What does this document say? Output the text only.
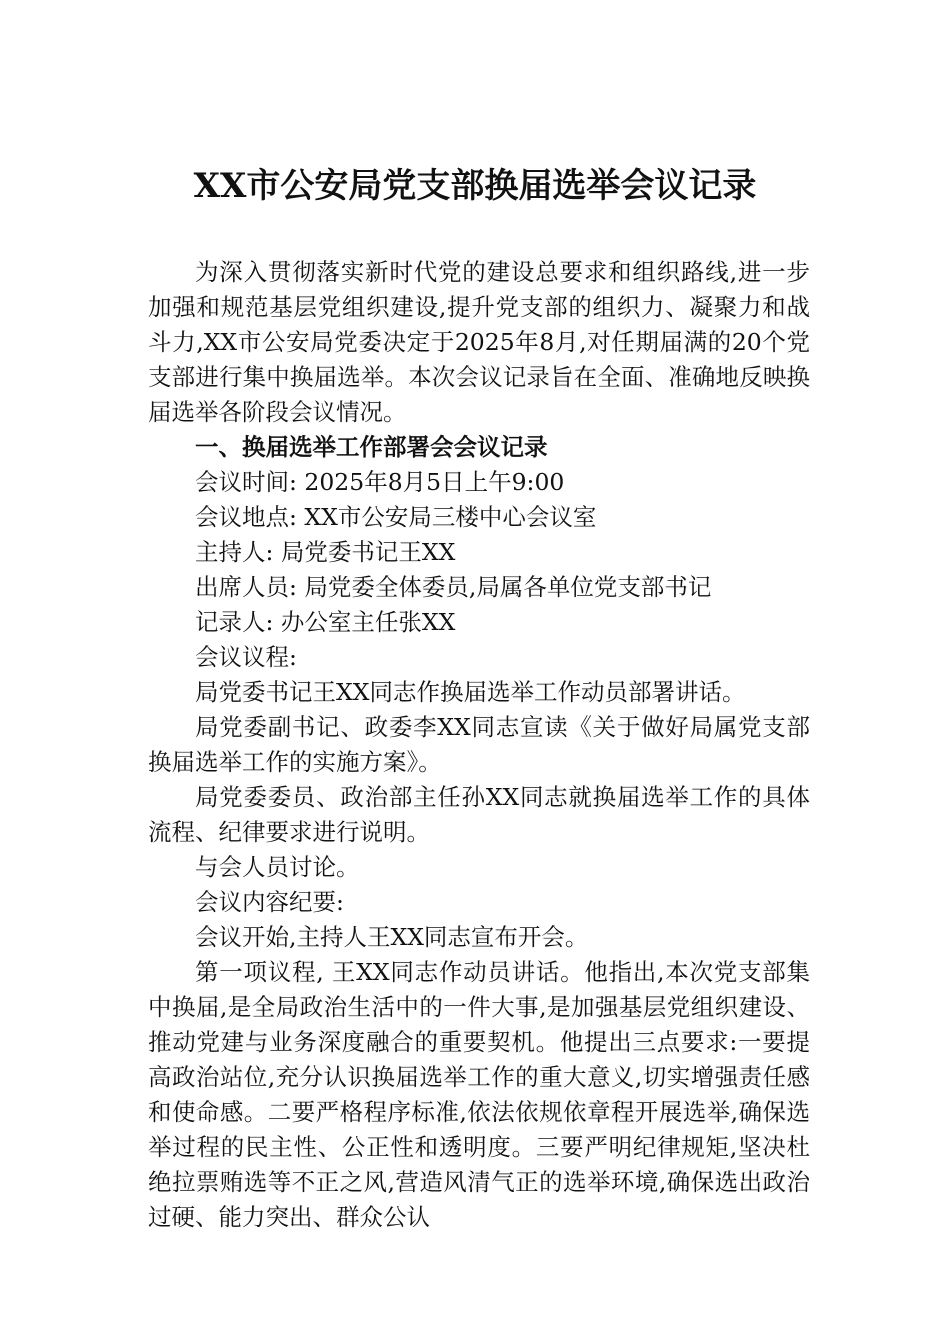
XX市公安局党支部换届选举会议记录

为深入贯彻落实新时代党的建设总要求和组织路线,进一步加强和规范基层党组织建设,提升党支部的组织力、凝聚力和战斗力,XX市公安局党委决定于2025年8月,对任期届满的20个党支部进行集中换届选举。本次会议记录旨在全面、准确地反映换届选举各阶段会议情况。

一、换届选举工作部署会会议记录

会议时间: 2025年8月5日上午9:00

会议地点: XX市公安局三楼中心会议室

主持人: 局党委书记王XX

出席人员: 局党委全体委员,局属各单位党支部书记

记录人: 办公室主任张XX

会议议程:

局党委书记王XX同志作换届选举工作动员部署讲话。

局党委副书记、政委李XX同志宣读《关于做好局属党支部换届选举工作的实施方案》。

局党委委员、政治部主任孙XX同志就换届选举工作的具体流程、纪律要求进行说明。

与会人员讨论。

会议内容纪要:

会议开始,主持人王XX同志宣布开会。

第一项议程, 王XX同志作动员讲话。他指出,本次党支部集中换届,是全局政治生活中的一件大事,是加强基层党组织建设、推动党建与业务深度融合的重要契机。他提出三点要求:一要提高政治站位,充分认识换届选举工作的重大意义,切实增强责任感和使命感。二要严格程序标准,依法依规依章程开展选举,确保选举过程的民主性、公正性和透明度。三要严明纪律规矩,坚决杜绝拉票贿选等不正之风,营造风清气正的选举环境,确保选出政治过硬、能力突出、群众公认
